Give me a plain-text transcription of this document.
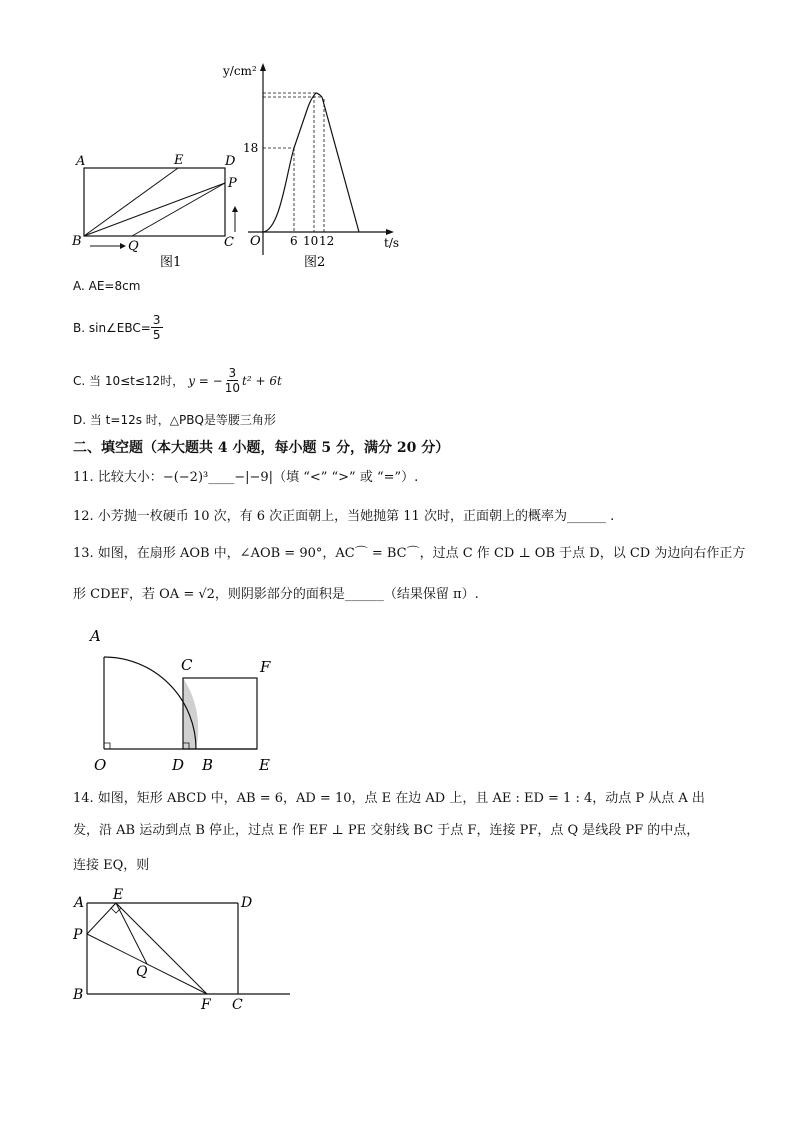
A	E	D
P
B	Q	C
图1
y/cm²
O
18
6 10 12	t/s
图2
A. AE=8cm
B. sin∠EBC= $\frac{3}{5}$
C. 当 10≤t≤12时， y = − $\frac{3}{10} t^2 + 6t$
D. 当 t=12s 时，△PBQ是等腰三角形
二、填空题（本大题共 4 小题，每小题 5 分，满分 20 分）
11. 比较大小：−(−2)³____−|−9|（填 “<” “>” 或 “=”）.
12. 小芳抛一枚硬币 10 次，有 6 次正面朝上，当她抛第 11 次时，正面朝上的概率为______ .
13. 如图，在扇形 AOB 中，∠AOB = 90°，AC⌒ = BC⌒，过点 C 作 CD ⊥ OB 于点 D，以 CD 为边向右作正方
形 CDEF，若 OA = √2，则阴影部分的面积是______（结果保留 π）.
A
C	F
O	D B	E
14. 如图，矩形 ABCD 中，AB = 6，AD = 10，点 E 在边 AD 上，且 AE : ED = 1 : 4，动点 P 从点 A 出
发，沿 AB 运动到点 B 停止，过点 E 作 EF ⊥ PE 交射线 BC 于点 F，连接 PF，点 Q 是线段 PF 的中点，
连接 EQ，则
A E	D
P
Q
B
F C
